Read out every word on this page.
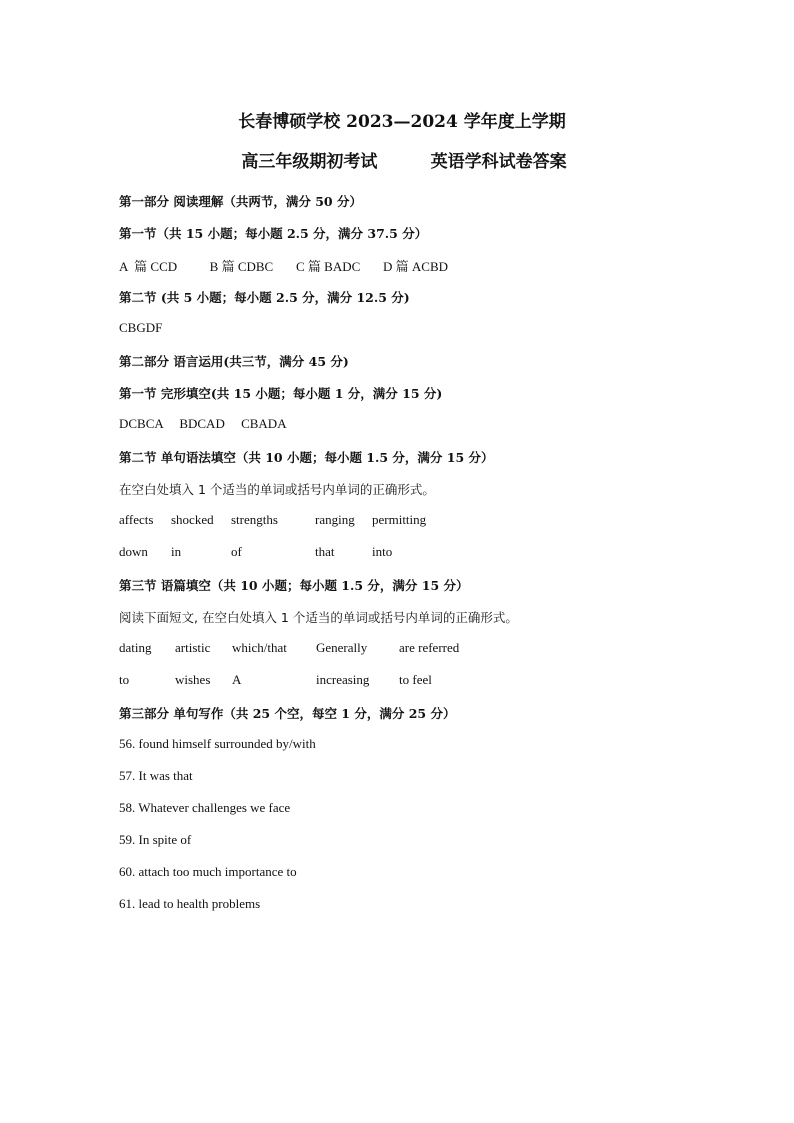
长春博硕学校 2023—2024 学年度上学期
高三年级期初考试         英语学科试卷答案
第一部分 阅读理解（共两节，满分 50 分）
第一节（共 15 小题；每小题 2.5 分，满分 37.5 分）
A  篇 CCD          B 篇 CDBC       C 篇 BADC       D 篇 ACBD
第二节 (共 5 小题；每小题 2.5 分，满分 12.5 分)
CBGDF
第二部分 语言运用(共三节，满分 45 分)
第一节 完形填空(共 15 小题；每小题 1 分，满分 15 分)
DCBCA     BDCAD     CBADA
第二节 单句语法填空（共 10 小题；每小题 1.5 分，满分 15 分）
在空白处填入 1 个适当的单词或括号内单词的正确形式。
affects shocked strengths	ranging permitting
down in	of	that	into
第三节 语篇填空（共 10 小题；每小题 1.5 分，满分 15 分）
阅读下面短文, 在空白处填入 1 个适当的单词或括号内单词的正确形式。
dating artistic which/that Generally are referred
to	wishes A	increasing to feel
第三部分 单句写作（共 25 个空，每空 1 分，满分 25 分）
56. found himself surrounded by/with
57. It was that
58. Whatever challenges we face
59. In spite of
60. attach too much importance to
61. lead to health problems
